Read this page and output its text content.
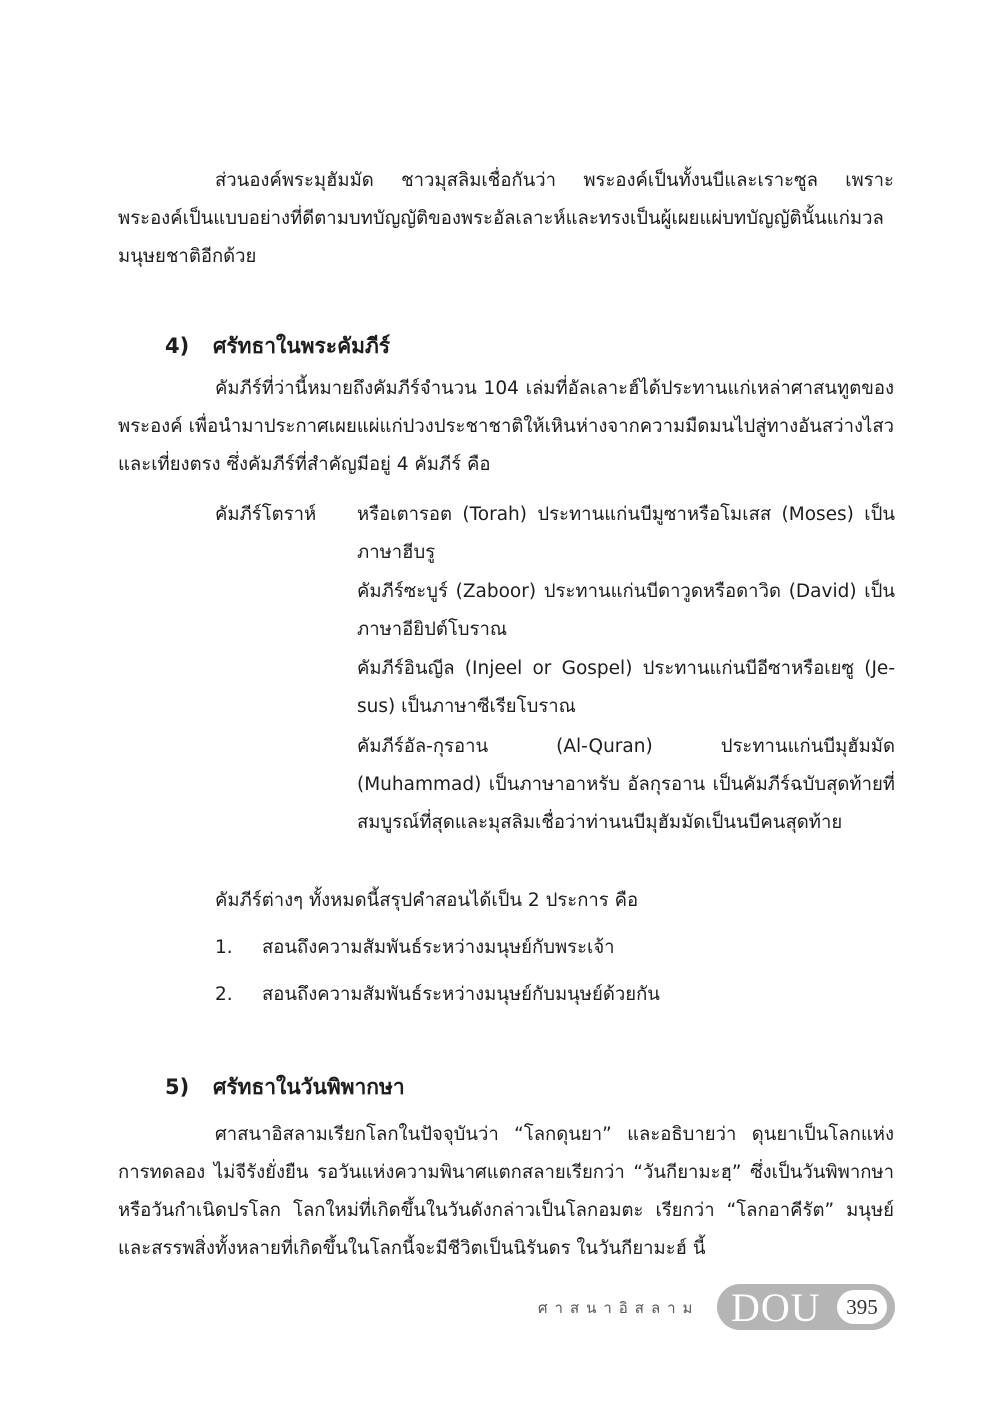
ส่วนองค์พระมุฮัมมัด ชาวมุสลิมเชื่อกันว่า พระองค์เป็นทั้งนบีและเราะซูล เพราะพระองค์เป็นแบบอย่างที่ดีตามบทบัญญัติของพระอัลเลาะห์และทรงเป็นผู้เผยแผ่บทบัญญัตินั้นแก่มวลมนุษยชาติอีกด้วย

4) ศรัทธาในพระคัมภีร์

คัมภีร์ที่ว่านี้หมายถึงคัมภีร์จำนวน 104 เล่มที่อัลเลาะฮ์ได้ประทานแก่เหล่าศาสนทูตของพระองค์ เพื่อนำมาประกาศเผยแผ่แก่ปวงประชาชาติให้เหินห่างจากความมืดมนไปสู่ทางอันสว่างไสวและเที่ยงตรง ซึ่งคัมภีร์ที่สำคัญมีอยู่ 4 คัมภีร์ คือ

คัมภีร์โตราห์ หรือเตารอต (Torah) ประทานแก่นบีมูซาหรือโมเสส (Moses) เป็นภาษาฮีบรู

คัมภีร์ซะบูร์ (Zaboor) ประทานแก่นบีดาวูดหรือดาวิด (David) เป็นภาษาอียิปต์โบราณ

คัมภีร์อินญีล (Injeel or Gospel) ประทานแก่นบีอีซาหรือเยซู (Je-sus) เป็นภาษาซีเรียโบราณ

คัมภีร์อัล-กุรอาน (Al-Quran) ประทานแก่นบีมุฮัมมัด (Muhammad) เป็นภาษาอาหรับ อัลกุรอาน เป็นคัมภีร์ฉบับสุดท้ายที่สมบูรณ์ที่สุดและมุสลิมเชื่อว่าท่านนบีมุฮัมมัดเป็นนบีคนสุดท้าย

คัมภีร์ต่างๆ ทั้งหมดนี้สรุปคำสอนได้เป็น 2 ประการ คือ

1. สอนถึงความสัมพันธ์ระหว่างมนุษย์กับพระเจ้า
2. สอนถึงความสัมพันธ์ระหว่างมนุษย์กับมนุษย์ด้วยกัน
5) ศรัทธาในวันพิพากษา

ศาสนาอิสลามเรียกโลกในปัจจุบันว่า “โลกดุนยา” และอธิบายว่า ดุนยาเป็นโลกแห่งการทดลอง ไม่จีรังยั่งยืน รอวันแห่งความพินาศแตกสลายเรียกว่า “วันกียามะฮฺ” ซึ่งเป็นวันพิพากษาหรือวันกำเนิดปรโลก โลกใหม่ที่เกิดขึ้นในวันดังกล่าวเป็นโลกอมตะ เรียกว่า “โลกอาคีรัต” มนุษย์และสรรพสิ่งทั้งหลายที่เกิดขึ้นในโลกนี้จะมีชีวิตเป็นนิรันดร ในวันกียามะฮ์ นี้

ศาสนาอิสลาม DOU	395
